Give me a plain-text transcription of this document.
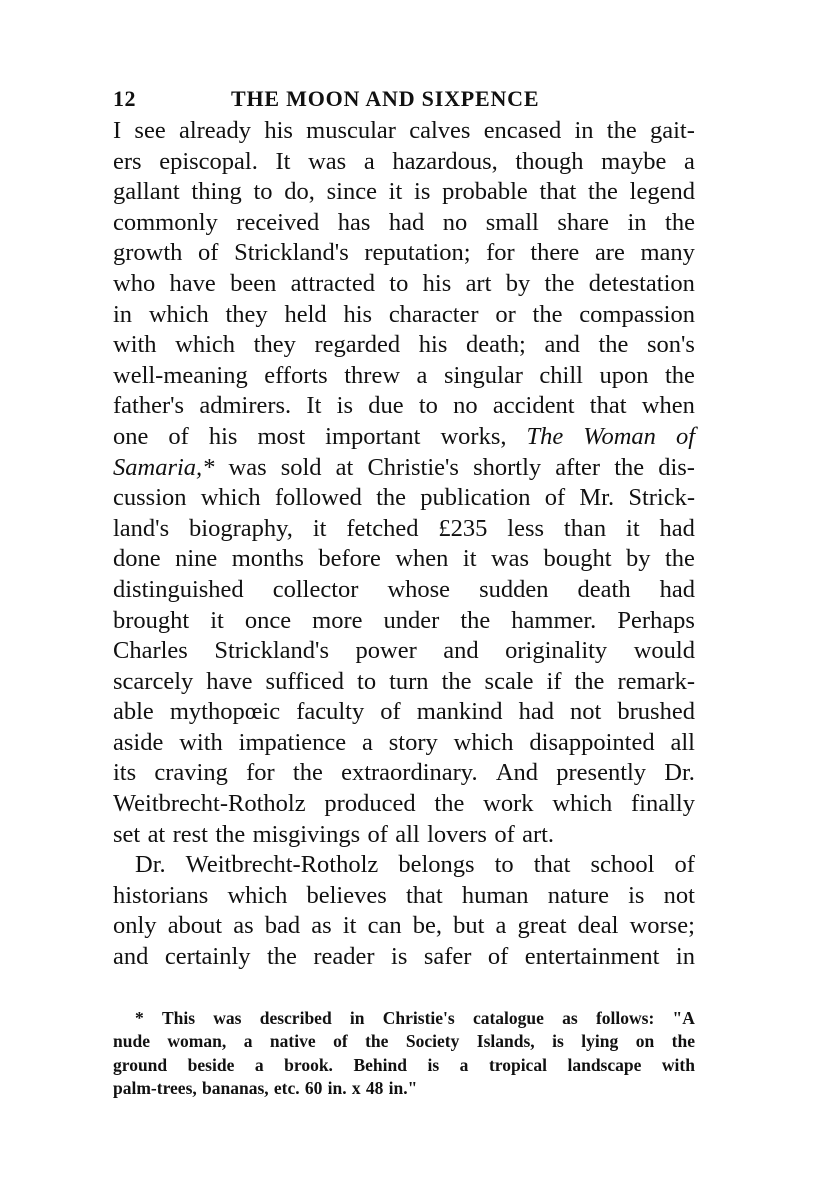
12	THE MOON AND SIXPENCE
I see already his muscular calves encased in the gait-
ers episcopal. It was a hazardous, though maybe a
gallant thing to do, since it is probable that the legend
commonly received has had no small share in the
growth of Strickland's reputation; for there are many
who have been attracted to his art by the detestation
in which they held his character or the compassion
with which they regarded his death; and the son's
well-meaning efforts threw a singular chill upon the
father's admirers. It is due to no accident that when
one of his most important works, The Woman of
Samaria,* was sold at Christie's shortly after the dis-
cussion which followed the publication of Mr. Strick-
land's biography, it fetched £235 less than it had
done nine months before when it was bought by the
distinguished collector whose sudden death had
brought it once more under the hammer. Perhaps
Charles Strickland's power and originality would
scarcely have sufficed to turn the scale if the remark-
able mythopœic faculty of mankind had not brushed
aside with impatience a story which disappointed all
its craving for the extraordinary. And presently Dr.
Weitbrecht-Rotholz produced the work which finally
set at rest the misgivings of all lovers of art.
Dr. Weitbrecht-Rotholz belongs to that school of
historians which believes that human nature is not
only about as bad as it can be, but a great deal worse;
and certainly the reader is safer of entertainment in
* This was described in Christie's catalogue as follows: "A
nude woman, a native of the Society Islands, is lying on the
ground beside a brook. Behind is a tropical landscape with
palm-trees, bananas, etc. 60 in. x 48 in."
